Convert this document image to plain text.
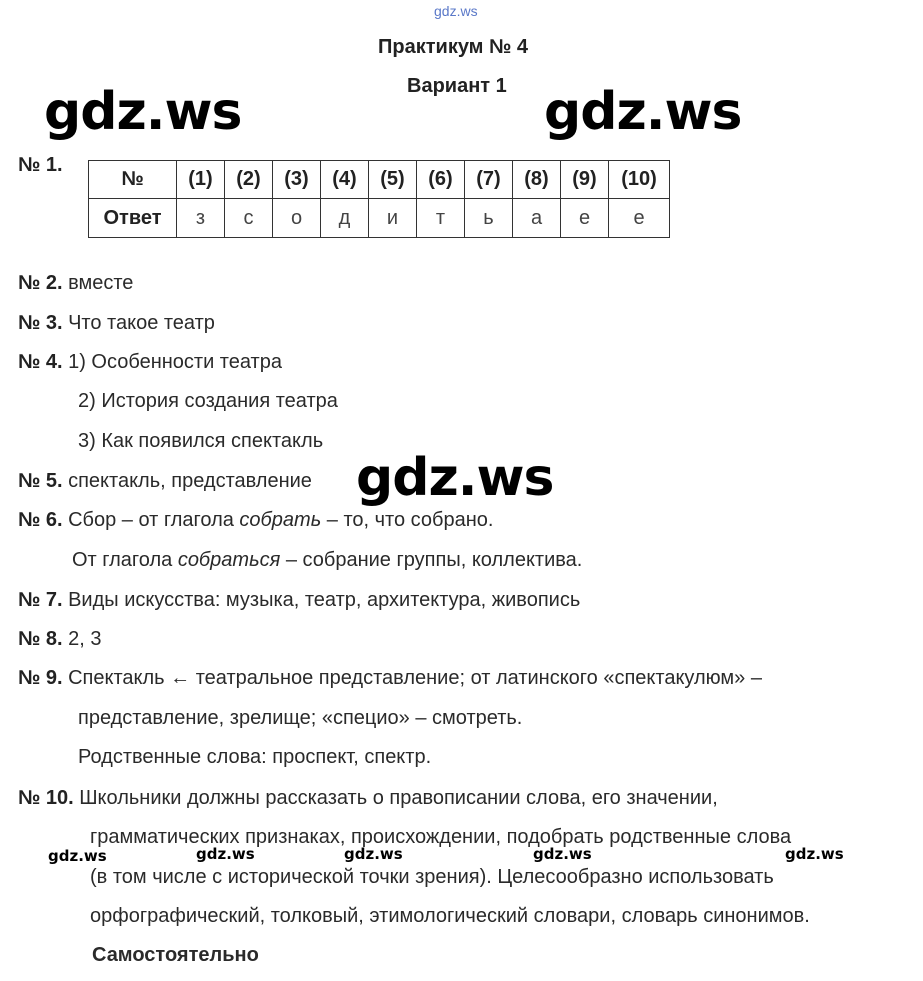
gdz.ws
gdz.ws	gdz.ws
Практикум № 4
Вариант 1
№ 1.
№	(1)	(2)	(3)	(4)	(5)	(6)	(7)	(8)	(9)	(10)
Ответ	з	с	о	д	и	т	ь	а	е	е
№ 2. вместе
№ 3. Что такое театр
№ 4. 1) Особенности театра
2) История создания театра
3) Как появился спектакль
№ 5. спектакль, представление gdz.ws
№ 6. Сбор – от глагола собрать – то, что собрано.
От глагола собраться – собрание группы, коллектива.
№ 7. Виды искусства: музыка, театр, архитектура, живопись
№ 8. 2, 3
№ 9. Спектакль ← театральное представление; от латинского «спектакулюм» –
представление, зрелище; «специо» – смотреть.
Родственные слова: проспект, спектр.
№ 10. Школьники должны рассказать о правописании слова, его значении,
грамматических признаках, происхождении, подобрать родственные слова
(в том числе с исторической точки зрения). Целесообразно использовать
орфографический, толковый, этимологический словари, словарь синонимов.
Самостоятельно
gdz.ws	gdz.ws	gdz.ws	gdz.ws	gdz.ws
